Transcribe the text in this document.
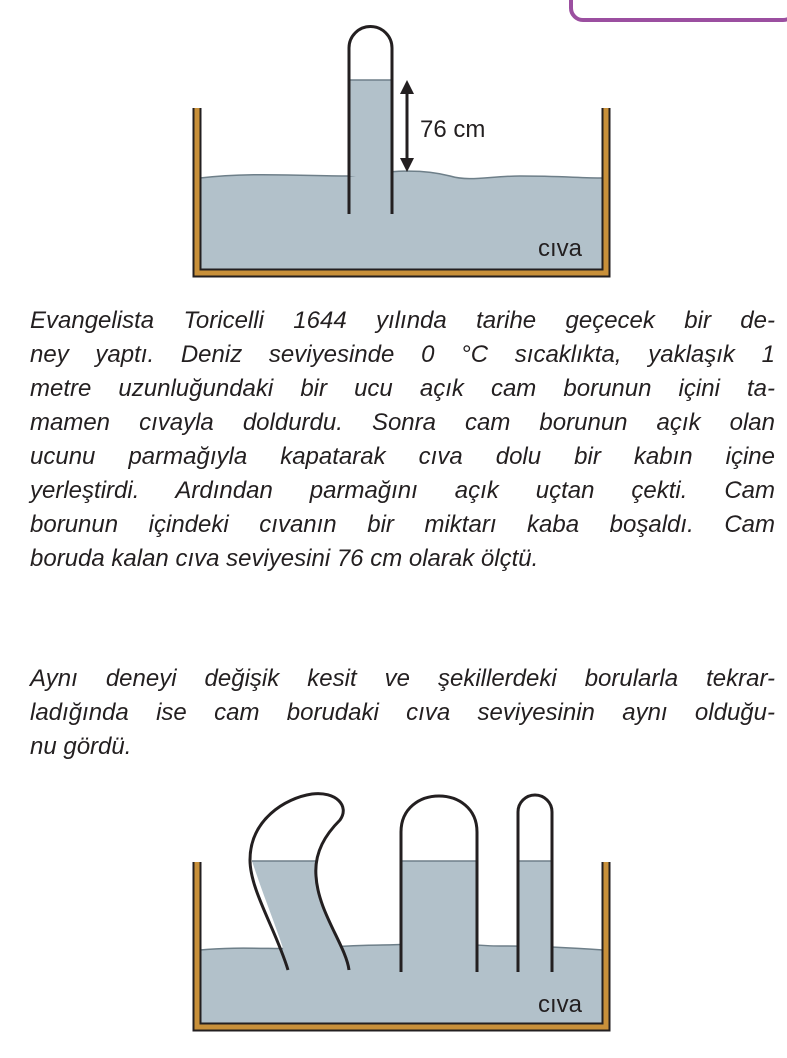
76 cm
cıva

Evangelista Toricelli 1644 yılında tarihe geçecek bir de-
ney yaptı. Deniz seviyesinde 0 °C sıcaklıkta, yaklaşık 1
metre uzunluğundaki bir ucu açık cam borunun içini ta-
mamen cıvayla doldurdu. Sonra cam borunun açık olan
ucunu parmağıyla kapatarak cıva dolu bir kabın içine
yerleştirdi. Ardından parmağını açık uçtan çekti. Cam
borunun içindeki cıvanın bir miktarı kaba boşaldı. Cam
boruda kalan cıva seviyesini 76 cm olarak ölçtü.

Aynı deneyi değişik kesit ve şekillerdeki borularla tekrar-
ladığında ise cam borudaki cıva seviyesinin aynı olduğu-
nu gördü.

cıva
